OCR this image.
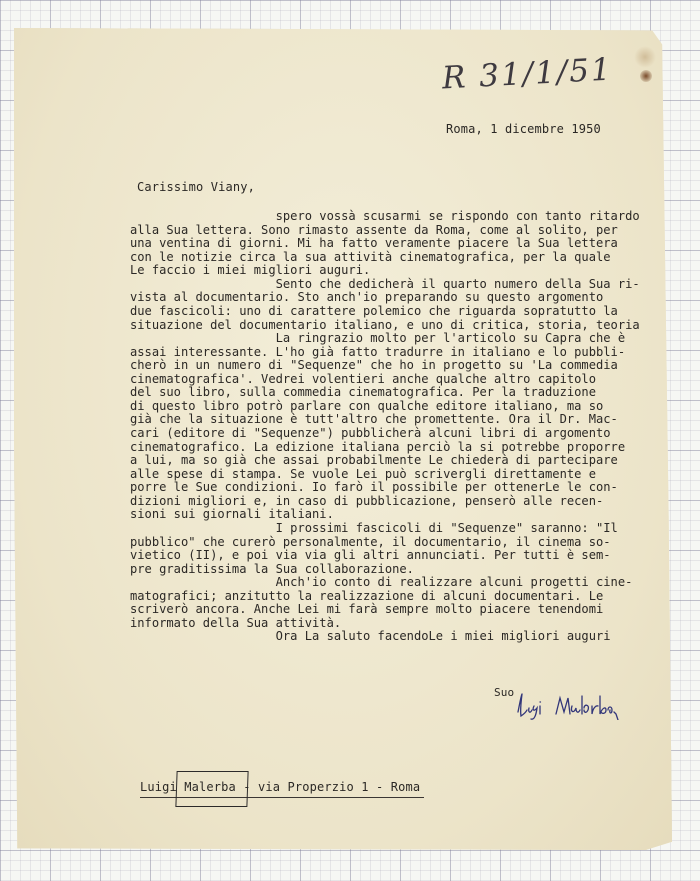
R 31/1/51
Roma, 1 dicembre 1950
Carissimo Viany,
spero vossà scusarmi se rispondo con tanto ritardo
alla Sua lettera. Sono rimasto assente da Roma, come al solito, per
una ventina di giorni. Mi ha fatto veramente piacere la Sua lettera
con le notizie circa la sua attività cinematografica, per la quale
Le faccio i miei migliori auguri.
Sento che dedicherà il quarto numero della Sua ri-
vista al documentario. Sto anch'io preparando su questo argomento
due fascicoli: uno di carattere polemico che riguarda sopratutto la
situazione del documentario italiano, e uno di critica, storia, teoria
La ringrazio molto per l'articolo su Capra che è
assai interessante. L'ho già fatto tradurre in italiano e lo pubbli-
cherò in un numero di "Sequenze" che ho in progetto su 'La commedia
cinematografica'. Vedrei volentieri anche qualche altro capitolo
del suo libro, sulla commedia cinematografica. Per la traduzione
di questo libro potrò parlare con qualche editore italiano, ma so
già che la situazione è tutt'altro che promettente. Ora il Dr. Mac-
cari (editore di "Sequenze") pubblicherà alcuni libri di argomento
cinematografico. La edizione italiana perciò la si potrebbe proporre
a lui, ma so già che assai probabilmente Le chiederà di partecipare
alle spese di stampa. Se vuole Lei può scrivergli direttamente e
porre le Sue condizioni. Io farò il possibile per ottenerLe le con-
dizioni migliori e, in caso di pubblicazione, penserò alle recen-
sioni sui giornali italiani.
I prossimi fascicoli di "Sequenze" saranno: "Il
pubblico" che curerò personalmente, il documentario, il cinema so-
vietico (II), e poi via via gli altri annunciati. Per tutti è sem-
pre graditissima la Sua collaborazione.
Anch'io conto di realizzare alcuni progetti cine-
matografici; anzitutto la realizzazione di alcuni documentari. Le
scriverò ancora. Anche Lei mi farà sempre molto piacere tenendomi
informato della Sua attività.
Ora La saluto facendoLe i miei migliori auguri
Suo
Luigi Malerba - via Properzio 1 - Roma
